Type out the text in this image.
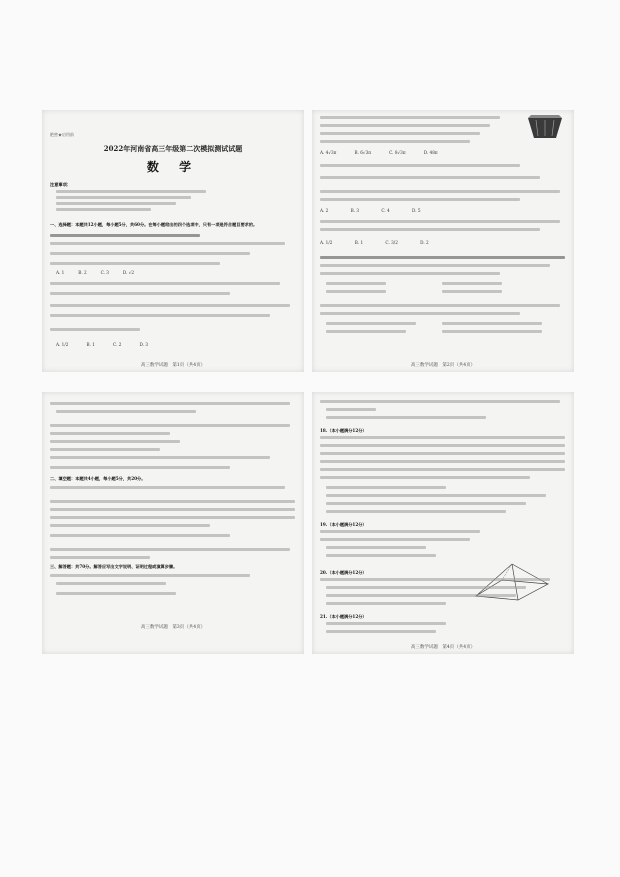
绝密★启用前
2022年河南省高三年级第二次模拟测试试题
数 学
注意事项：
一、选择题：本题共12小题，每小题5分，共60分。在每小题给出的四个选项中，只有一项是符合题目要求的。
A. 1　　　	B. 2　　　	C. 3　　　	D. √2
A. 1/2　　　　	B. 1　　　　	C. 2　　　　	D. 3
高三数学试题　第1页（共4页）
A. 4√3π　　　　	B. 6√3π　　　　	C. 8√3π　　　　	D. 48π
A. 2　　　　　	B. 3　　　　　	C. 4　　　　　	D. 5
A. 1/2　　　　　	B. 1　　　　　	C. 3/2　　　　　	D. 2
高三数学试题　第2页（共4页）
二、填空题：本题共4小题，每小题5分，共20分。
三、解答题：共70分。解答应写出文字说明、证明过程或演算步骤。
高三数学试题　第3页（共4页）
18.（本小题满分12分）
19.（本小题满分12分）
20.（本小题满分12分）
21.（本小题满分12分）
高三数学试题　第4页（共4页）
